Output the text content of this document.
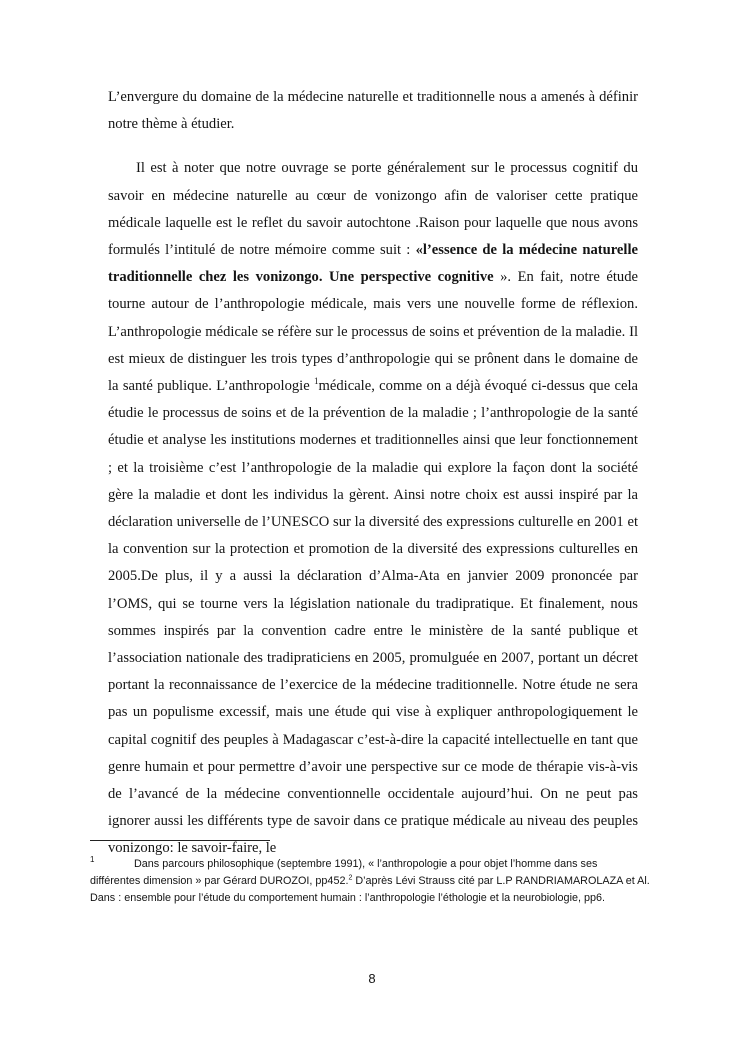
L’envergure du domaine de la médecine naturelle et traditionnelle nous a amenés à définir notre thème à étudier.

Il est à noter que notre ouvrage se porte généralement sur le processus cognitif du savoir en médecine naturelle au cœur de vonizongo afin de valoriser cette pratique médicale laquelle est le reflet du savoir autochtone .Raison pour laquelle que nous avons formulés l’intitulé de notre mémoire comme suit : «l’essence de la médecine naturelle traditionnelle chez les vonizongo. Une perspective cognitive ». En fait, notre étude tourne autour de l’anthropologie médicale, mais vers une nouvelle forme de réflexion. L’anthropologie médicale se réfère sur le processus de soins et prévention de la maladie. Il est mieux de distinguer les trois types d’anthropologie qui se prônent dans le domaine de la santé publique. L’anthropologie $^1$médicale, comme on a déjà évoqué ci-dessus que cela étudie le processus de soins et de la prévention de la maladie ; l’anthropologie de la santé étudie et analyse les institutions modernes et traditionnelles ainsi que leur fonctionnement ; et la troisième c’est l’anthropologie de la maladie qui explore la façon dont la société gère la maladie et dont les individus la gèrent. Ainsi notre choix est aussi inspiré par la déclaration universelle de l’UNESCO sur la diversité des expressions culturelle en 2001 et la convention sur la protection et promotion de la diversité des expressions culturelles en 2005.De plus, il y a aussi la déclaration d’Alma-Ata en janvier 2009 prononcée par l’OMS, qui se tourne vers la législation nationale du tradipratique. Et finalement, nous sommes inspirés par la convention cadre entre le ministère de la santé publique et l’association nationale des tradipraticiens en 2005, promulguée en 2007, portant un décret portant la reconnaissance de l’exercice de la médecine traditionnelle. Notre étude ne sera pas un populisme excessif, mais une étude qui vise à expliquer anthropologiquement le capital cognitif des peuples à Madagascar c’est-à-dire la capacité intellectuelle en tant que genre humain et pour permettre d’avoir une perspective sur ce mode de thérapie vis-à-vis de l’avancé de la médecine conventionnelle occidentale aujourd’hui. On ne peut pas ignorer aussi les différents type de savoir dans ce pratique médicale au niveau des peuples vonizongo: le savoir-faire, le

1	Dans parcours philosophique (septembre 1991), « l’anthropologie a pour objet l’homme dans ses différentes dimension » par Gérard DUROZOI, pp452.$^2$ D’après Lévi Strauss cité par L.P RANDRIAMAROLAZA et Al. Dans : ensemble pour l’étude du comportement humain : l’anthropologie l’éthologie et la neurobiologie, pp6.
8
